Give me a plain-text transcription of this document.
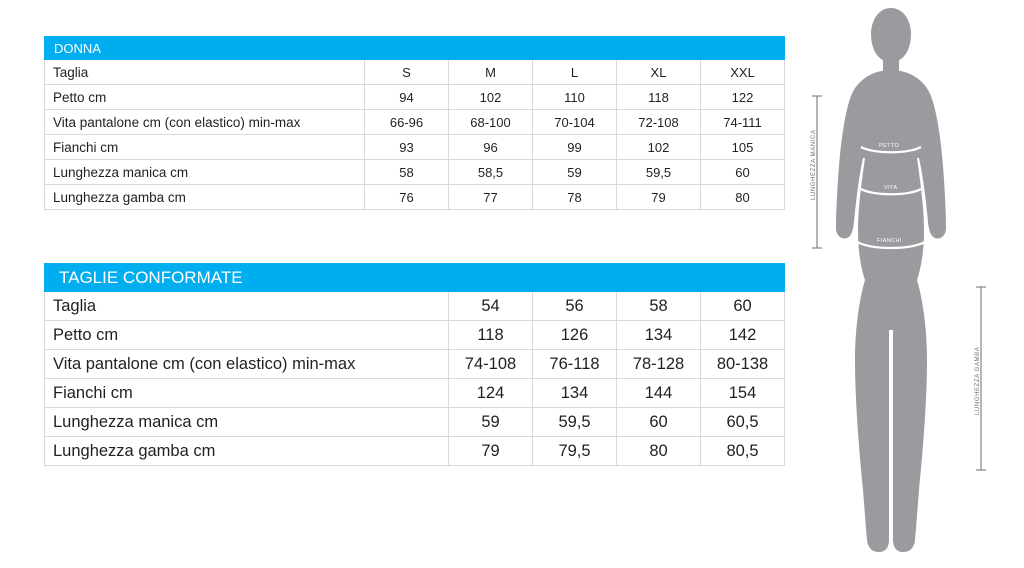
DONNA					
Taglia	S	M	L	XL	XXL
Petto cm	94	102	110	118	122
Vita pantalone cm (con elastico) min-max	66-96	68-100	70-104	72-108	74-111
Fianchi cm	93	96	99	102	105
Lunghezza manica cm	58	58,5	59	59,5	60
Lunghezza gamba cm	76	77	78	79	80
TAGLIE CONFORMATE				
Taglia	54	56	58	60
Petto cm	118	126	134	142
Vita pantalone cm (con elastico) min-max	74-108	76-118	78-128	80-138
Fianchi cm	124	134	144	154
Lunghezza manica cm	59	59,5	60	60,5
Lunghezza gamba cm	79	79,5	80	80,5
PETTO
VITA
FIANCHI
LUNGHEZZA MANICA
LUNGHEZZA GAMBA
